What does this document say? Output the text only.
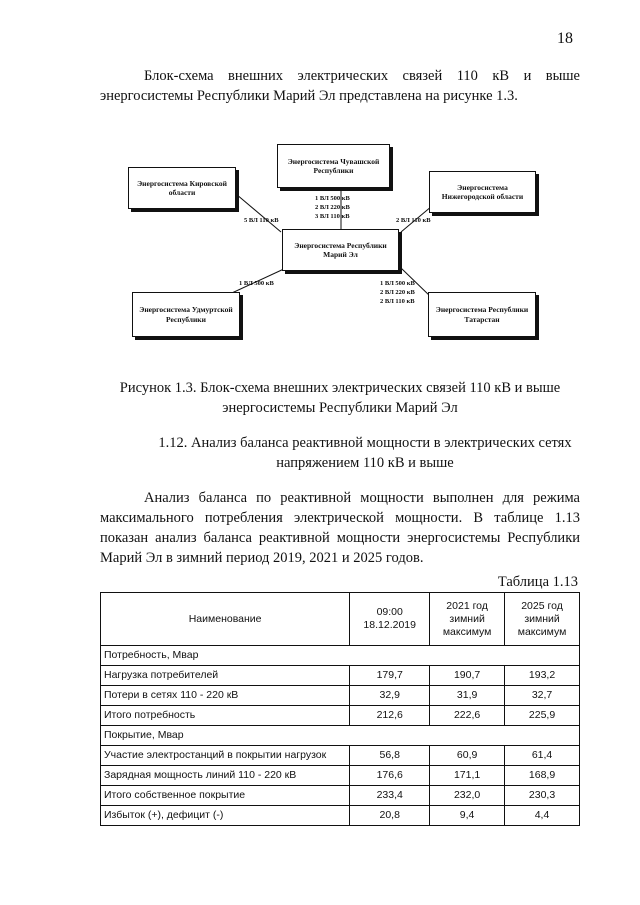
18

Блок-схема внешних электрических связей 110 кВ и выше энергосистемы Республики Марий Эл представлена на рисунке 1.3.

Энергосистема Чувашской Республики
Энергосистема Кировской области
Энергосистема Нижегородской области
Энергосистема Республики Марий Эл
Энергосистема Удмуртской Республики
Энергосистема Республики Татарстан
5 ВЛ 110 кВ
1 ВЛ 500 кВ
2 ВЛ 220 кВ
3 ВЛ 110 кВ
2 ВЛ 110 кВ
1 ВЛ 500 кВ	1 ВЛ 500 кВ
2 ВЛ 220 кВ
2 ВЛ 110 кВ

Рисунок 1.3. Блок-схема внешних электрических связей 110 кВ и выше энергосистемы Республики Марий Эл

1.12. Анализ баланса реактивной мощности в электрических сетях напряжением 110 кВ и выше

Анализ баланса по реактивной мощности выполнен для режима максимального потребления электрической мощности. В таблице 1.13 показан анализ баланса реактивной мощности энергосистемы Республики Марий Эл в зимний период 2019, 2021 и 2025 годов.

Таблица 1.13
Наименование	09:00 18.12.2019	2021 год зимний максимум	2025 год зимний максимум
Потребность, Мвар			
Нагрузка потребителей	179,7	190,7	193,2
Потери в сетях 110 - 220 кВ	32,9	31,9	32,7
Итого потребность	212,6	222,6	225,9
Покрытие, Мвар			
Участие электростанций в покрытии нагрузок	56,8	60,9	61,4
Зарядная мощность линий 110 - 220 кВ	176,6	171,1	168,9
Итого собственное покрытие	233,4	232,0	230,3
Избыток (+), дефицит (-)	20,8	9,4	4,4
